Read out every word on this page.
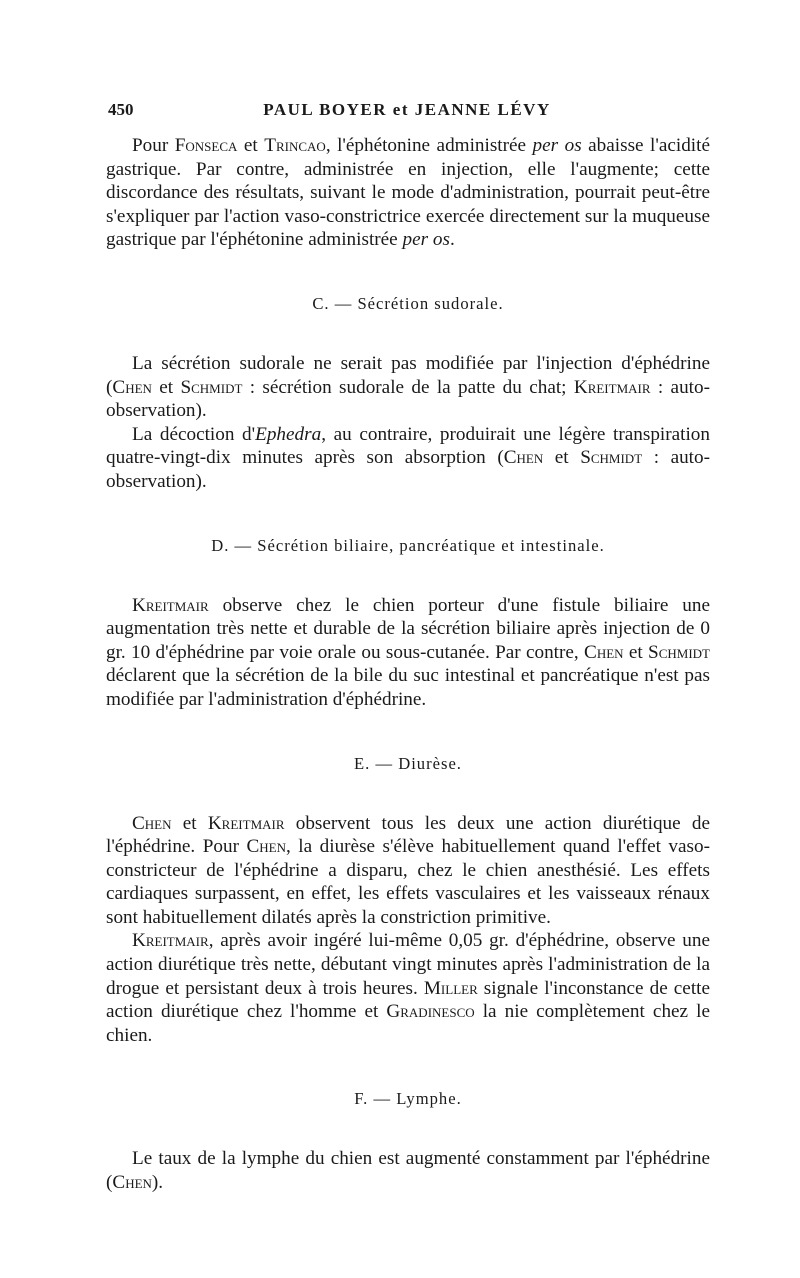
450	PAUL BOYER et JEANNE LÉVY

Pour Fonseca et Trincao, l'éphétonine administrée per os abaisse l'acidité gastrique. Par contre, administrée en injection, elle l'augmente; cette discordance des résultats, suivant le mode d'administration, pourrait peut-être s'expliquer par l'action vaso-constrictrice exercée directement sur la muqueuse gastrique par l'éphétonine administrée per os.

C. — Sécrétion sudorale.

La sécrétion sudorale ne serait pas modifiée par l'injection d'éphédrine (Chen et Schmidt : sécrétion sudorale de la patte du chat; Kreitmair : auto-observation).

La décoction d'Ephedra, au contraire, produirait une légère transpiration quatre-vingt-dix minutes après son absorption (Chen et Schmidt : auto-observation).

D. — Sécrétion biliaire, pancréatique et intestinale.

Kreitmair observe chez le chien porteur d'une fistule biliaire une augmentation très nette et durable de la sécrétion biliaire après injection de 0 gr. 10 d'éphédrine par voie orale ou sous-cutanée. Par contre, Chen et Schmidt déclarent que la sécrétion de la bile du suc intestinal et pancréatique n'est pas modifiée par l'administration d'éphédrine.

E. — Diurèse.

Chen et Kreitmair observent tous les deux une action diurétique de l'éphédrine. Pour Chen, la diurèse s'élève habituellement quand l'effet vaso-constricteur de l'éphédrine a disparu, chez le chien anesthésié. Les effets cardiaques surpassent, en effet, les effets vasculaires et les vaisseaux rénaux sont habituellement dilatés après la constriction primitive.

Kreitmair, après avoir ingéré lui-même 0,05 gr. d'éphédrine, observe une action diurétique très nette, débutant vingt minutes après l'administration de la drogue et persistant deux à trois heures. Miller signale l'inconstance de cette action diurétique chez l'homme et Gradinesco la nie complètement chez le chien.

F. — Lymphe.

Le taux de la lymphe du chien est augmenté constamment par l'éphédrine (Chen).
